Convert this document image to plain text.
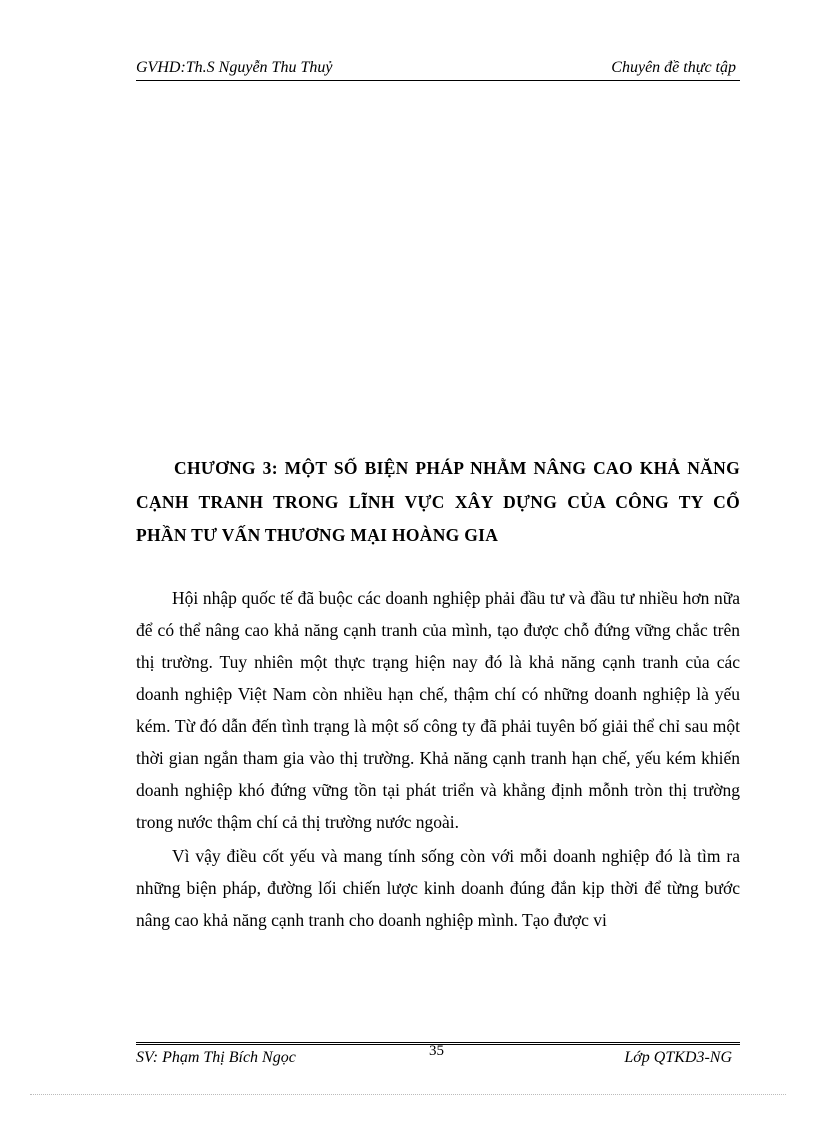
GVHD:Th.S Nguyễn Thu Thuỷ	Chuyên đề thực tập
CHƯƠNG 3: MỘT SỐ BIỆN PHÁP NHẰM NÂNG CAO KHẢ NĂNG CẠNH TRANH TRONG LĨNH VỰC XÂY DỰNG CỦA CÔNG TY CỔ PHẦN TƯ VẤN THƯƠNG MẠI HOÀNG GIA

Hội nhập quốc tế đã buộc các doanh nghiệp phải đầu tư và đầu tư nhiều hơn nữa để có thể nâng cao khả năng cạnh tranh của mình, tạo được chỗ đứng vững chắc trên thị trường. Tuy nhiên một thực trạng hiện nay đó là khả năng cạnh tranh của các doanh nghiệp Việt Nam còn nhiều hạn chế, thậm chí có những doanh nghiệp là yếu kém. Từ đó dẫn đến tình trạng là một số công ty đã phải tuyên bố giải thể chỉ sau một thời gian ngắn tham gia vào thị trường. Khả năng cạnh tranh hạn chế, yếu kém khiến doanh nghiệp khó đứng vững tồn tại phát triển và khẳng định mỗnh tròn thị trường trong nước thậm chí cả thị trường nước ngoài.

Vì vậy điều cốt yếu và mang tính sống còn với mỗi doanh nghiệp đó là tìm ra những biện pháp, đường lối chiến lược kinh doanh đúng đắn kịp thời để từng bước nâng cao khả năng cạnh tranh cho doanh nghiệp mình. Tạo được vi

SV: Phạm Thị Bích Ngọc	35	Lớp QTKD3-NG
